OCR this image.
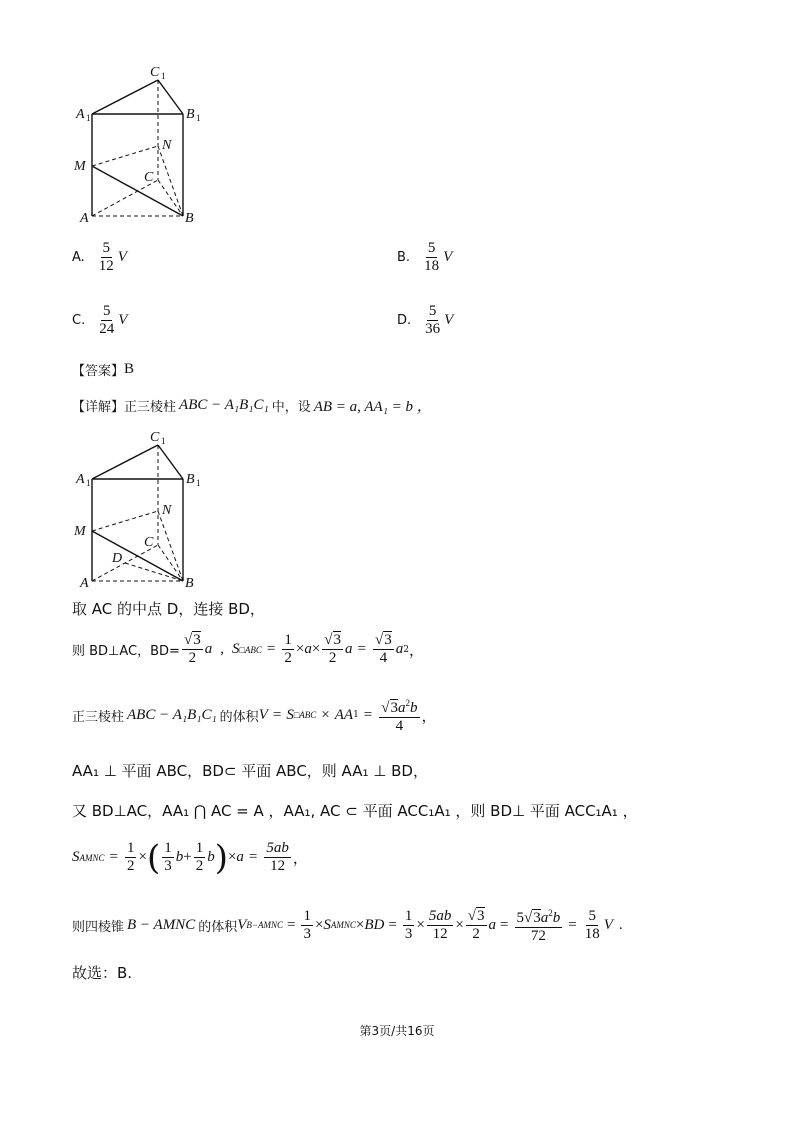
C 1
A 1	B 1
N
M
C
A	B
A. $\frac{5}{12}$ V	B. $\frac{5}{18}$ V
C. $\frac{5}{24}$ V	D. $\frac{5}{36}$ V
【答案】 B
【详解】 正三棱柱 ABC − A₁B₁C₁ 中，设 AB = a, AA₁ = b ，
C 1
A 1	B 1
N
M
C
D
A	B
取 AC 的中点 D，连接 BD，
则 BD⊥AC，$BD= \frac{√3}{2}$ a , S □ABC = $\frac{1}{2} \times a \times \frac{√3}{2}$ $a = \frac{√3}{4}$ a 2 ，
正三棱柱 ABC − A₁B₁C₁ 的体积 V = S □ABC × AA $1 = \frac{√3a^2b}{4}$ ，
AA₁ ⊥ 平面 ABC，BD⊂ 平面 ABC，则 AA₁ ⊥ BD，
又 BD⊥AC，AA₁ ⋂ AC = A ，AA₁, AC ⊂ 平面 ACC₁A₁ ，则 BD⊥ 平面 ACC₁A₁ ，
S AMNC = $\frac{1}{2}$ × ( $\frac{1}{3}$ $b + \frac{1}{2}$ b ) × $a = \frac{5ab}{12}$ ，
则四棱锥 B − AMNC 的体积 V B−AMNC = $\frac{1}{3} \times S$ AMNC × BD = $\frac{1}{3} \times \frac{5ab}{12} \times \frac{√3}{2}$ $a = \frac{5√3a^2b}{72} = \frac{5}{18}$ V .
故选：B.
第3页/共16页
